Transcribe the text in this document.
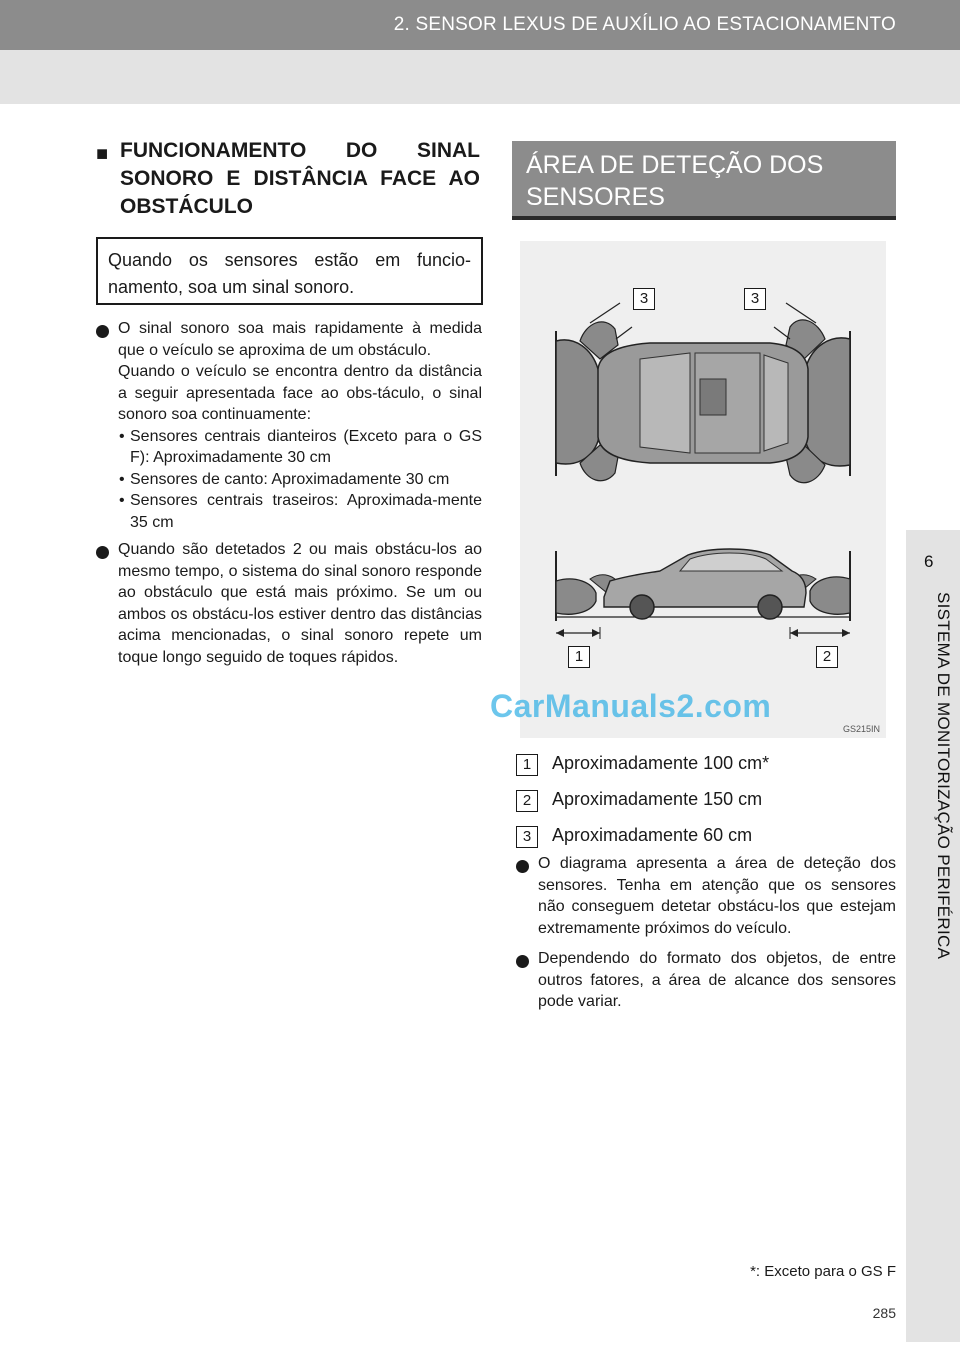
2. SENSOR LEXUS DE AUXÍLIO AO ESTACIONAMENTO
6
SISTEMA DE MONITORIZAÇÃO PERIFÉRICA
■ FUNCIONAMENTO DO SINAL SONORO E DISTÂNCIA FACE AO OBSTÁCULO
Quando os sensores estão em funcio-namento, soa um sinal sonoro.

O sinal sonoro soa mais rapidamente à medida que o veículo se aproxima de um obstáculo.

Quando o veículo se encontra dentro da distância a seguir apresentada face ao obs-táculo, o sinal sonoro soa continuamente:

• Sensores centrais dianteiros (Exceto para o GS F): Aproximadamente 30 cm
• Sensores de canto: Aproximadamente 30 cm
• Sensores centrais traseiros: Aproximada-mente 35 cm

Quando são detetados 2 ou mais obstácu-los ao mesmo tempo, o sistema do sinal sonoro responde ao obstáculo que está mais próximo. Se um ou ambos os obstácu-los estiver dentro das distâncias acima mencionadas, o sinal sonoro repete um toque longo seguido de toques rápidos.

ÁREA DE DETEÇÃO DOS SENSORES
3	3
1	2
GS215IN
CarManuals2.com
1	Aproximadamente 100 cm*
2	Aproximadamente 150 cm
3	Aproximadamente 60 cm

O diagrama apresenta a área de deteção dos sensores. Tenha em atenção que os sensores não conseguem detetar obstácu-los que estejam extremamente próximos do veículo.

Dependendo do formato dos objetos, de entre outros fatores, a área de alcance dos sensores pode variar.

*: Exceto para o GS F
285
